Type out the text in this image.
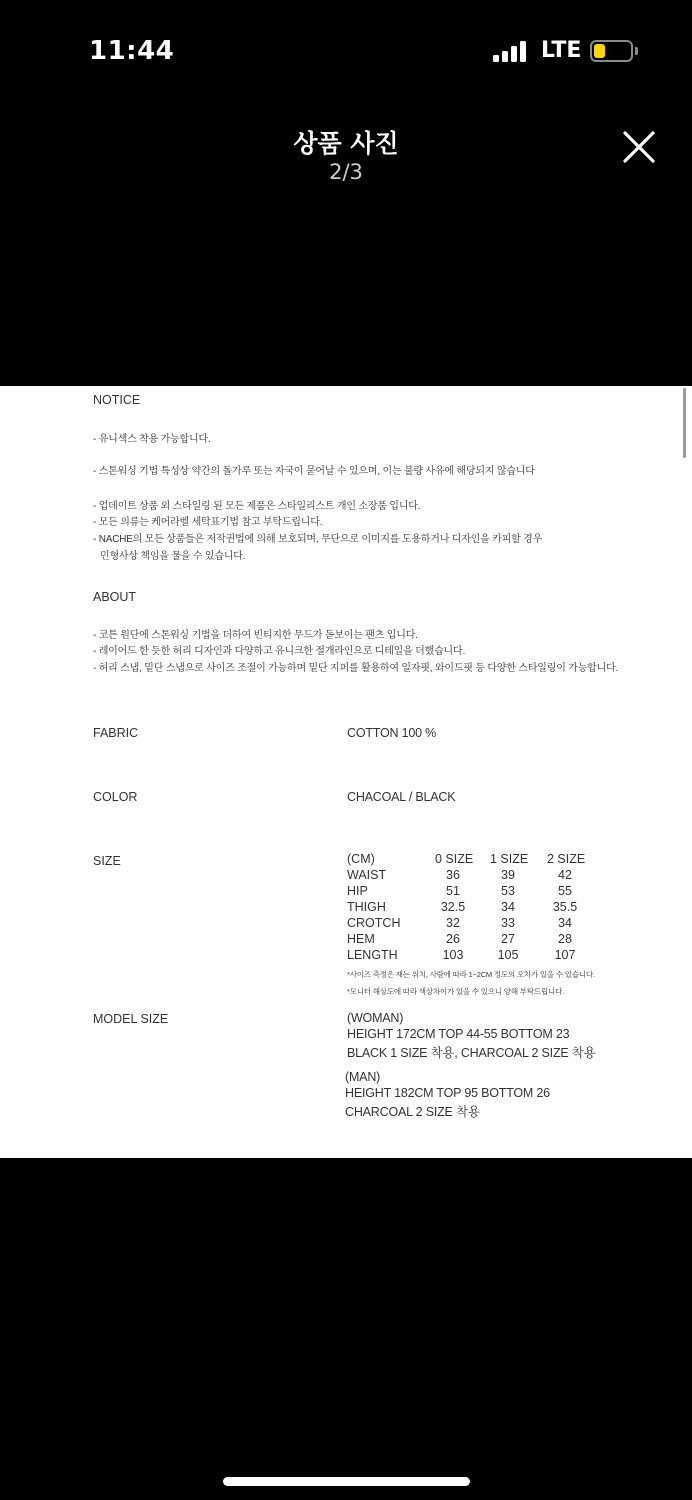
11:44	LTE
상품 사진
2/3
NOTICE
- 유니섹스 착용 가능합니다.
- 스톤워싱 기법 특성상 약간의 돌가루 또는 자국이 묻어날 수 있으며, 이는 불량 사유에 해당되지 않습니다
- 업데이트 상품 외 스타일링 된 모든 제품은 스타일리스트 개인 소장품 입니다.
- 모든 의류는 케어라벨 세탁표기법 참고 부탁드립니다.
- NACHE의 모든 상품들은 저작권법에 의해 보호되며, 무단으로 이미지를 도용하거나 디자인을 카피할 경우
민형사상 책임을 물을 수 있습니다.
ABOUT
- 코튼 원단에 스톤워싱 기법을 더하여 빈티지한 무드가 돋보이는 팬츠 입니다.
- 레이어드 한 듯한 허리 디자인과 다양하고 유니크한 절개라인으로 디테일을 더했습니다.
- 허리 스냅, 밑단 스냅으로 사이즈 조절이 가능하며 밑단 지퍼를 활용하여 일자핏, 와이드핏 등 다양한 스타일링이 가능합니다.
FABRIC	COTTON 100 %
COLOR	CHACOAL / BLACK
SIZE	(CM)	0 SIZE 1 SIZE 2 SIZE
WAIST	36	39	42
HIP	51	53	55
THIGH	32.5	34	35.5
CROTCH	32	33	34
HEM	26	27	28
LENGTH	103	105	107
*사이즈 측정은 재는 위치, 사람에 따라 1~2CM 정도의 오차가 있을 수 있습니다.
*모니터 해상도에 따라 색상차이가 있을 수 있으니 양해 부탁드립니다.
MODEL SIZE	(WOMAN)
HEIGHT 172CM TOP 44-55 BOTTOM 23
BLACK 1 SIZE 착용, CHARCOAL 2 SIZE 착용
(MAN)
HEIGHT 182CM TOP 95 BOTTOM 26
CHARCOAL 2 SIZE 착용
